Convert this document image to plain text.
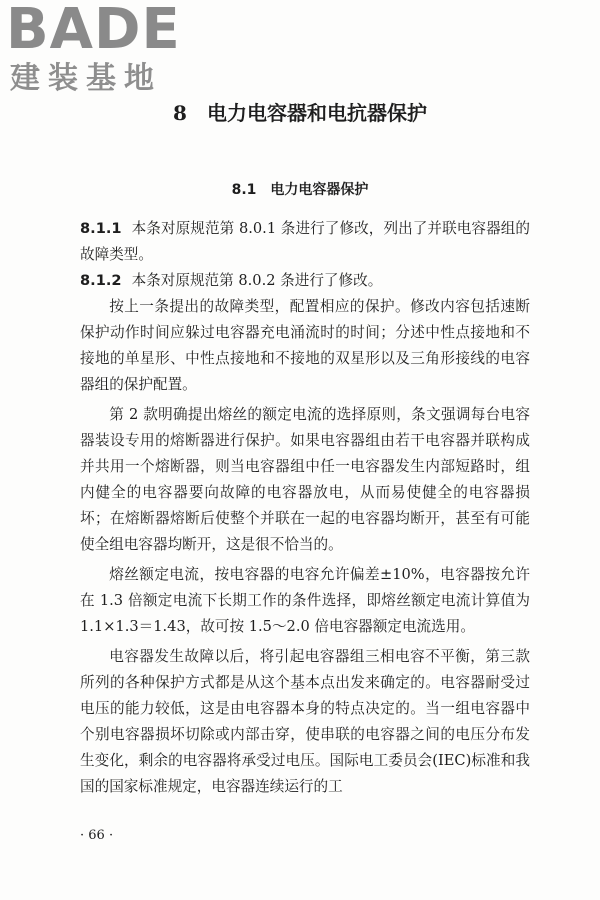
BADE
建装基地
8　电力电容器和电抗器保护
8.1　电力电容器保护

8.1.1 本条对原规范第 8.0.1 条进行了修改，列出了并联电容器组的故障类型。

8.1.2 本条对原规范第 8.0.2 条进行了修改。

按上一条提出的故障类型，配置相应的保护。修改内容包括速断保护动作时间应躲过电容器充电涌流时的时间；分述中性点接地和不接地的单星形、中性点接地和不接地的双星形以及三角形接线的电容器组的保护配置。

第 2 款明确提出熔丝的额定电流的选择原则，条文强调每台电容器装设专用的熔断器进行保护。如果电容器组由若干电容器并联构成并共用一个熔断器，则当电容器组中任一电容器发生内部短路时，组内健全的电容器要向故障的电容器放电，从而易使健全的电容器损坏；在熔断器熔断后使整个并联在一起的电容器均断开，甚至有可能使全组电容器均断开，这是很不恰当的。

熔丝额定电流，按电容器的电容允许偏差±10%，电容器按允许在 1.3 倍额定电流下长期工作的条件选择，即熔丝额定电流计算值为 1.1×1.3＝1.43，故可按 1.5～2.0 倍电容器额定电流选用。

电容器发生故障以后，将引起电容器组三相电容不平衡，第三款所列的各种保护方式都是从这个基本点出发来确定的。电容器耐受过电压的能力较低，这是由电容器本身的特点决定的。当一组电容器中个别电容器损坏切除或内部击穿，使串联的电容器之间的电压分布发生变化，剩余的电容器将承受过电压。国际电工委员会(IEC)标准和我国的国家标准规定，电容器连续运行的工

· 66 ·
